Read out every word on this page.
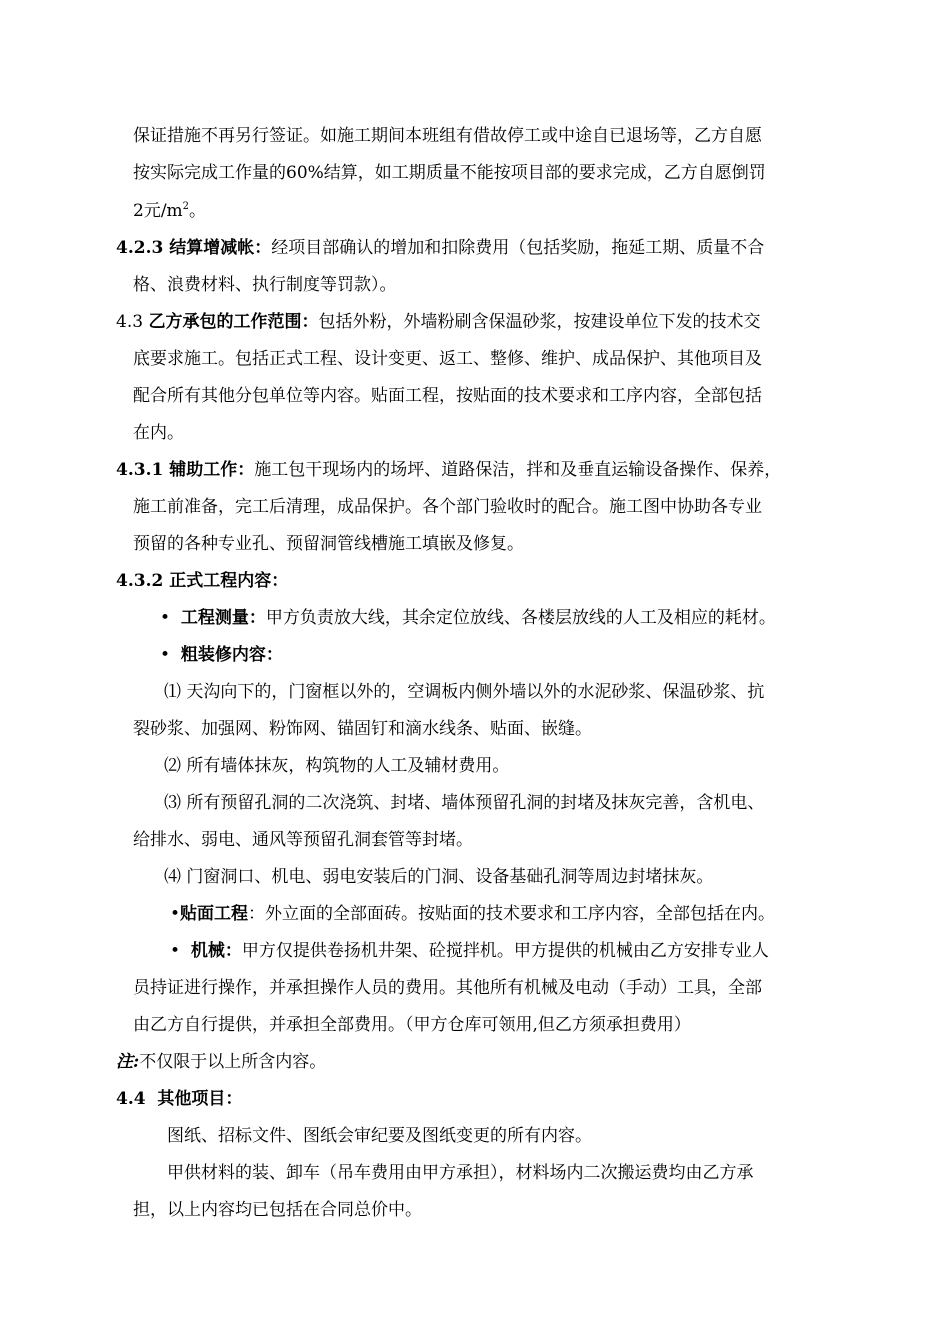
保证措施不再另行签证。如施工期间本班组有借故停工或中途自已退场等，乙方自愿
按实际完成工作量的60%结算，如工期质量不能按项目部的要求完成，乙方自愿倒罚
2元$/m^2$。
4.2.3 结算增减帐：经项目部确认的增加和扣除费用（包括奖励，拖延工期、质量不合
格、浪费材料、执行制度等罚款）。
4.3 乙方承包的工作范围：包括外粉，外墙粉刷含保温砂浆，按建设单位下发的技术交
底要求施工。包括正式工程、设计变更、返工、整修、维护、成品保护、其他项目及
配合所有其他分包单位等内容。贴面工程，按贴面的技术要求和工序内容，全部包括
在内。
4.3.1 辅助工作：施工包干现场内的场坪、道路保洁，拌和及垂直运输设备操作、保养，
施工前准备，完工后清理，成品保护。各个部门验收时的配合。施工图中协助各专业
预留的各种专业孔、预留洞管线槽施工填嵌及修复。
4.3.2 正式工程内容：
• 工程测量：甲方负责放大线，其余定位放线、各楼层放线的人工及相应的耗材。
• 粗装修内容：
⑴ 天沟向下的，门窗框以外的，空调板内侧外墙以外的水泥砂浆、保温砂浆、抗
裂砂浆、加强网、粉饰网、锚固钉和滴水线条、贴面、嵌缝。
⑵ 所有墙体抹灰，构筑物的人工及辅材费用。
⑶ 所有预留孔洞的二次浇筑、封堵、墙体预留孔洞的封堵及抹灰完善，含机电、
给排水、弱电、通风等预留孔洞套管等封堵。
⑷ 门窗洞口、机电、弱电安装后的门洞、设备基础孔洞等周边封堵抹灰。
•贴面工程：外立面的全部面砖。按贴面的技术要求和工序内容，全部包括在内。
• 机械：甲方仅提供卷扬机井架、砼搅拌机。甲方提供的机械由乙方安排专业人
员持证进行操作，并承担操作人员的费用。其他所有机械及电动（手动）工具，全部
由乙方自行提供，并承担全部费用。（甲方仓库可领用,但乙方须承担费用）
注:不仅限于以上所含内容。
4.4  其他项目：
图纸、招标文件、图纸会审纪要及图纸变更的所有内容。
甲供材料的装、卸车（吊车费用由甲方承担），材料场内二次搬运费均由乙方承
担，以上内容均已包括在合同总价中。
